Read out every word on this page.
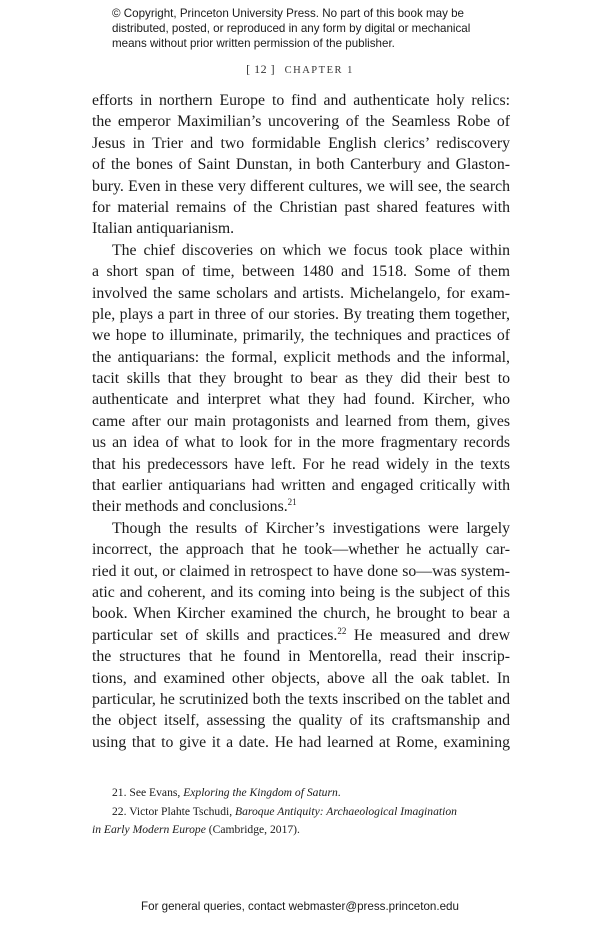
© Copyright, Princeton University Press. No part of this book may be
distributed, posted, or reproduced in any form by digital or mechanical
means without prior written permission of the publisher.
[ 12 ] CHAPTER 1
efforts in northern Europe to find and authenticate holy relics:
the emperor Maximilian’s uncovering of the Seamless Robe of
Jesus in Trier and two formidable English clerics’ rediscovery
of the bones of Saint Dunstan, in both Canterbury and Glaston-
bury. Even in these very different cultures, we will see, the search
for material remains of the Christian past shared features with
Italian antiquarianism.
The chief discoveries on which we focus took place within
a short span of time, between 1480 and 1518. Some of them
involved the same scholars and artists. Michelangelo, for exam-
ple, plays a part in three of our stories. By treating them together,
we hope to illuminate, primarily, the techniques and practices of
the antiquarians: the formal, explicit methods and the informal,
tacit skills that they brought to bear as they did their best to
authenticate and interpret what they had found. Kircher, who
came after our main protagonists and learned from them, gives
us an idea of what to look for in the more fragmentary records
that his predecessors have left. For he read widely in the texts
that earlier antiquarians had written and engaged critically with
their methods and conclusions.$^{21}$
Though the results of Kircher’s investigations were largely
incorrect, the approach that he took—whether he actually car-
ried it out, or claimed in retrospect to have done so—was system-
atic and coherent, and its coming into being is the subject of this
book. When Kircher examined the church, he brought to bear a
particular set of skills and practices.$^{22}$ He measured and drew
the structures that he found in Mentorella, read their inscrip-
tions, and examined other objects, above all the oak tablet. In
particular, he scrutinized both the texts inscribed on the tablet and
the object itself, assessing the quality of its craftsmanship and
using that to give it a date. He had learned at Rome, examining
21. See Evans, Exploring the Kingdom of Saturn.
22. Victor Plahte Tschudi, Baroque Antiquity: Archaeological Imagination
in Early Modern Europe (Cambridge, 2017).
For general queries, contact webmaster@press.princeton.edu
